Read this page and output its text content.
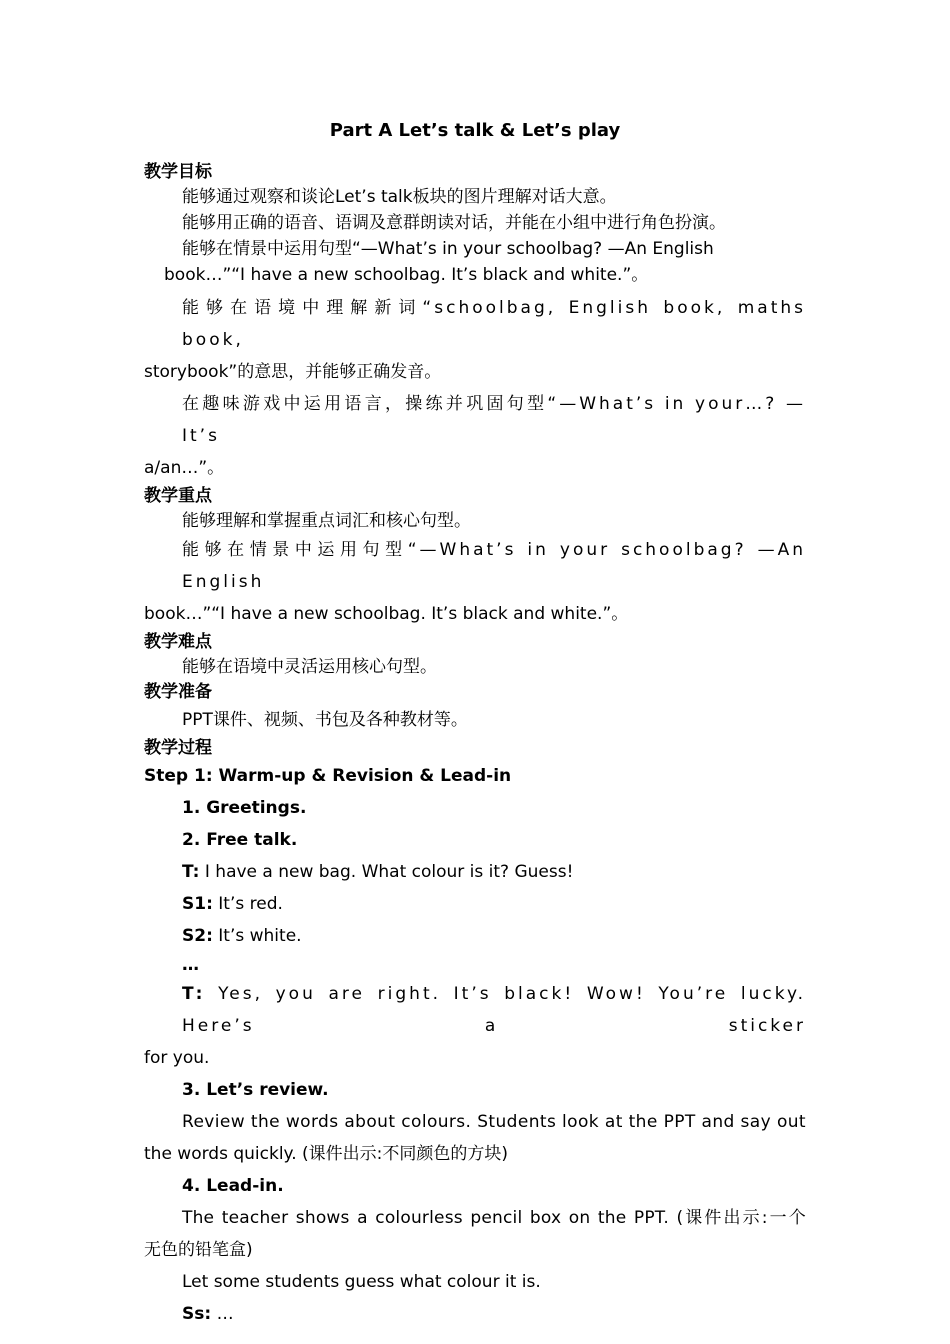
Part A Let’s talk & Let’s play

教学目标

能够通过观察和谈论Let’s talk板块的图片理解对话大意。

能够用正确的语音、语调及意群朗读对话，并能在小组中进行角色扮演。

能够在情景中运用句型“—What’s in your schoolbag? —An English

book…”“I have a new schoolbag. It’s black and white.”。

能够在语境中理解新词“schoolbag, English book, maths book,

storybook”的意思，并能够正确发音。

在趣味游戏中运用语言，操练并巩固句型“—What’s in your…? —It’s

a/an…”。

教学重点

能够理解和掌握重点词汇和核心句型。

能够在情景中运用句型“—What’s in your schoolbag? —An English

book…”“I have a new schoolbag. It’s black and white.”。

教学难点

能够在语境中灵活运用核心句型。

教学准备

PPT课件、视频、书包及各种教材等。

教学过程

Step 1: Warm-up & Revision & Lead-in

1. Greetings.

2. Free talk.

T: I have a new bag. What colour is it? Guess!

S1: It’s red.

S2: It’s white.

…

T: Yes, you are right. It’s black! Wow! You’re lucky. Here’s a sticker

for you.

3. Let’s review.

Review the words about colours. Students look at the PPT and say out

the words quickly. (课件出示:不同颜色的方块)

4. Lead-in.

The teacher shows a colourless pencil box on the PPT. (课件出示:一个

无色的铅笔盒)

Let some students guess what colour it is.

Ss: …
